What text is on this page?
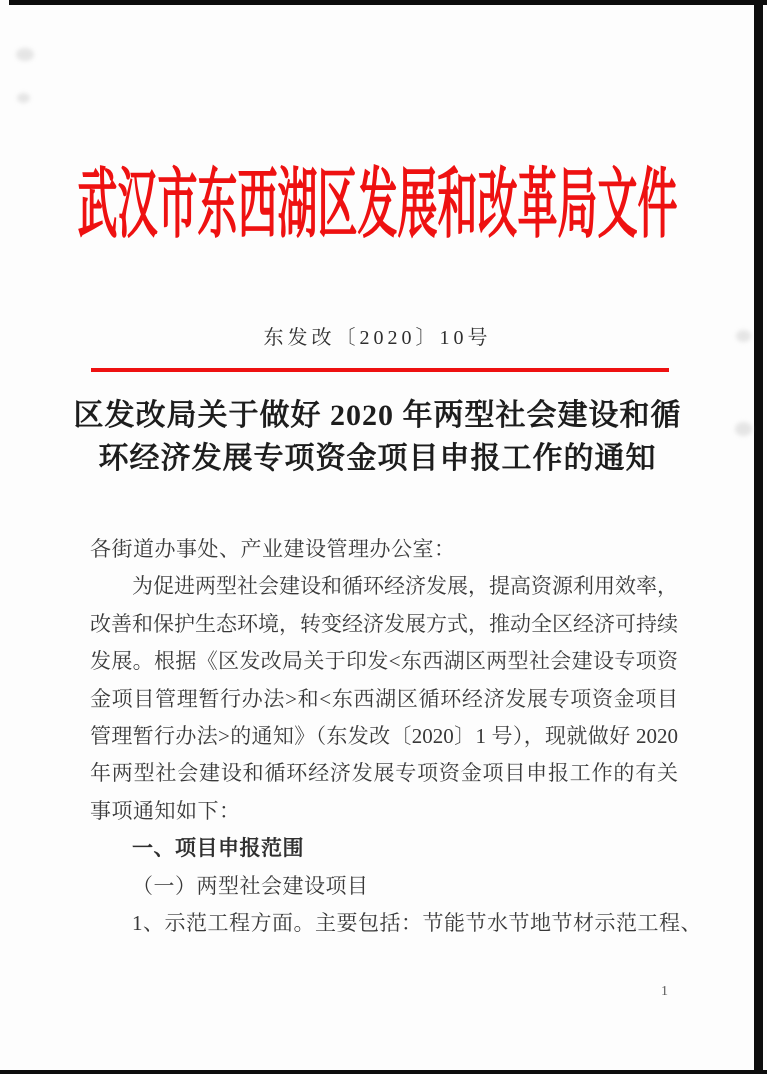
武汉市东西湖区发展和改革局文件
东发改〔2020〕10号
区发改局关于做好 2020 年两型社会建设和循
环经济发展专项资金项目申报工作的通知
各街道办事处、产业建设管理办公室：
为促进两型社会建设和循环经济发展，提高资源利用效率，
改善和保护生态环境，转变经济发展方式，推动全区经济可持续
发展。根据《区发改局关于印发<东西湖区两型社会建设专项资
金项目管理暂行办法>和<东西湖区循环经济发展专项资金项目
管理暂行办法>的通知》（东发改〔2020〕1 号），现就做好 2020
年两型社会建设和循环经济发展专项资金项目申报工作的有关
事项通知如下：
一、项目申报范围
（一）两型社会建设项目
1、示范工程方面。主要包括：节能节水节地节材示范工程、
1
